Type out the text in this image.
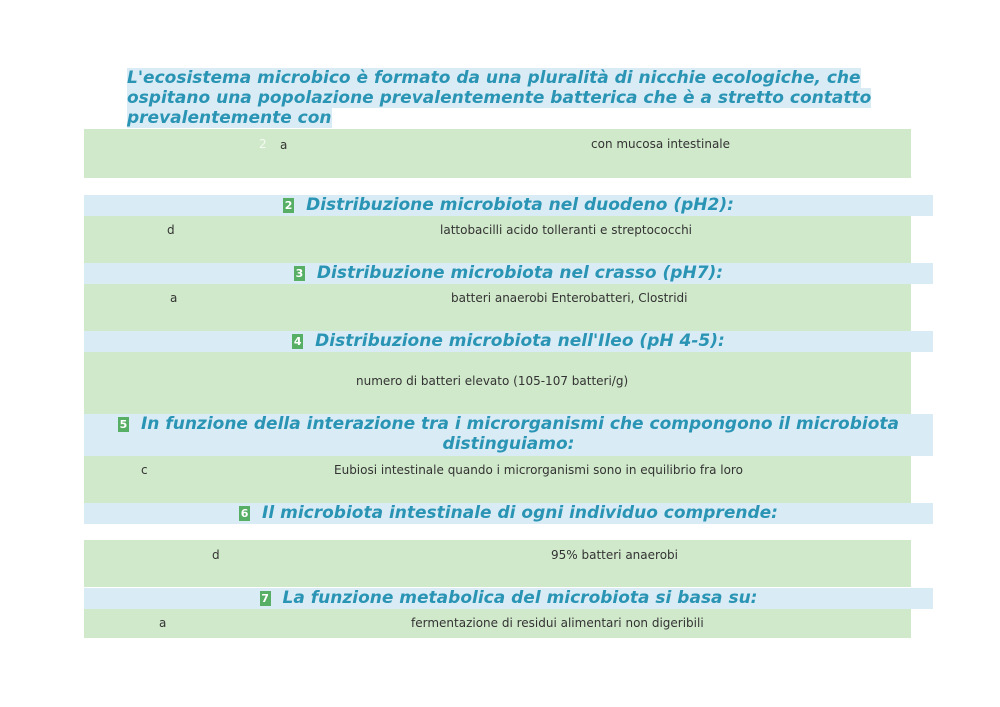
L'ecosistema microbico è formato da una pluralità di nicchie ecologiche, che
ospitano una popolazione prevalentemente batterica che è a stretto contatto
prevalentemente con
2 a	con mucosa intestinale
2 Distribuzione microbiota nel duodeno (pH2):
d	lattobacilli acido tolleranti e streptococchi
3 Distribuzione microbiota nel crasso (pH7):
a	batteri anaerobi Enterobatteri, Clostridi
4 Distribuzione microbiota nell'Ileo (pH 4-5):
numero di batteri elevato (105-107 batteri/g)
5 In funzione della interazione tra i microrganismi che compongono il microbiota
distinguiamo:
c	Eubiosi intestinale quando i microrganismi sono in equilibrio fra loro
6 Il microbiota intestinale di ogni individuo comprende:
d	95% batteri anaerobi
7 La funzione metabolica del microbiota si basa su:
a	fermentazione di residui alimentari non digeribili
